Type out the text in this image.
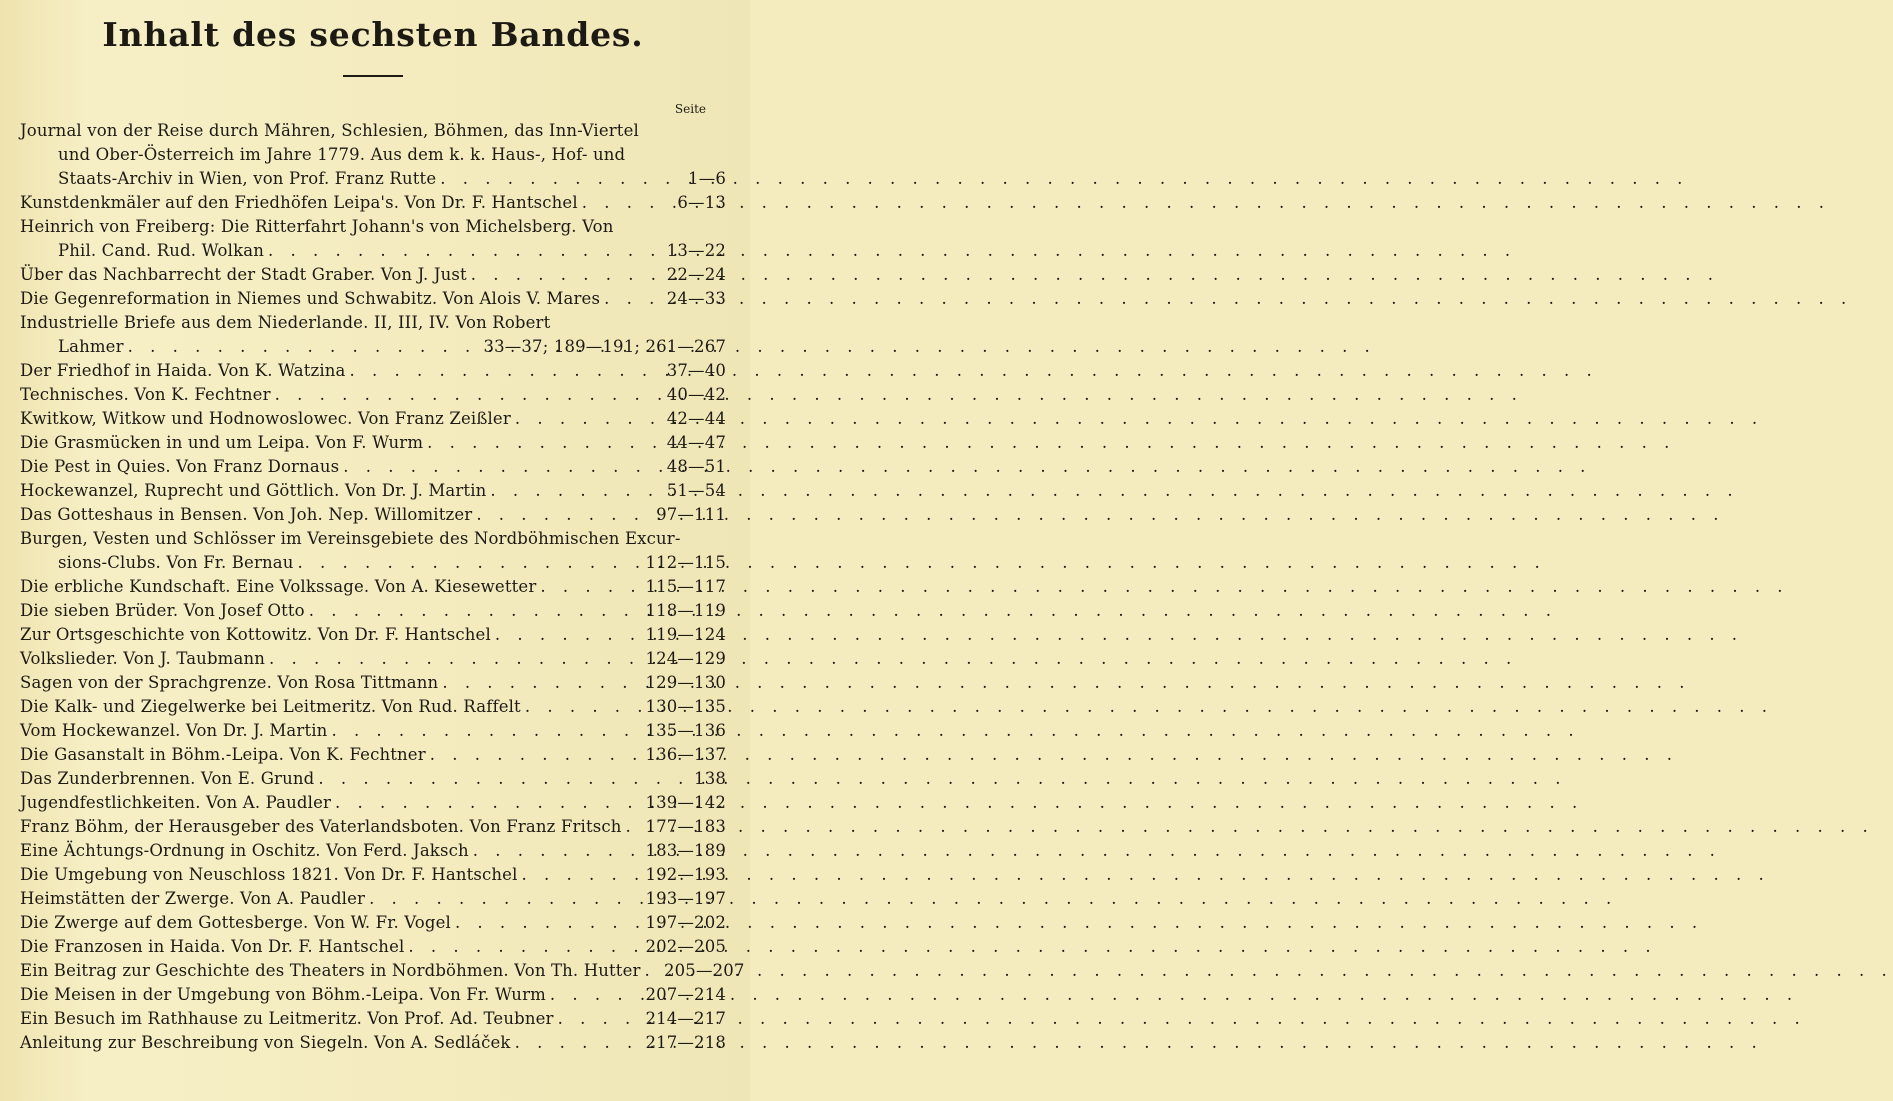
Inhalt des sechsten Bandes.
Seite
Journal von der Reise durch Mähren, Schlesien, Böhmen, das Inn-Viertel
und Ober-Österreich im Jahre 1779. Aus dem k. k. Haus-, Hof- und
Staats-Archiv in Wien, von Prof. Franz Rutte . . .	1—6
Kunstdenkmäler auf den Friedhöfen Leipa's. Von Dr. F. Hantschel . . .	6—13
Heinrich von Freiberg: Die Ritterfahrt Johann's von Michelsberg. Von
Phil. Cand. Rud. Wolkan . . .	13—22
Über das Nachbarrecht der Stadt Graber. Von J. Just . . .	22—24
Die Gegenreformation in Niemes und Schwabitz. Von Alois V. Mares . . .	24—33
Industrielle Briefe aus dem Niederlande. II, III, IV. Von Robert
Lahmer . . .	33—37; 189—191; 261—267
Der Friedhof in Haida. Von K. Watzina . . .	37—40
Technisches. Von K. Fechtner . . .	40—42
Kwitkow, Witkow und Hodnowoslowec. Von Franz Zeißler . . .	42—44
Die Grasmücken in und um Leipa. Von F. Wurm . . .	44—47
Die Pest in Quies. Von Franz Dornaus . . .	48—51
Hockewanzel, Ruprecht und Göttlich. Von Dr. J. Martin . . .	51—54
Das Gotteshaus in Bensen. Von Joh. Nep. Willomitzer . . .	97—111
Burgen, Vesten und Schlösser im Vereinsgebiete des Nordböhmischen Excur-
sions-Clubs. Von Fr. Bernau . . .	112—115
Die erbliche Kundschaft. Eine Volkssage. Von A. Kiesewetter . . .	115—117
Die sieben Brüder. Von Josef Otto . . .	118—119
Zur Ortsgeschichte von Kottowitz. Von Dr. F. Hantschel . . .	119—124
Volkslieder. Von J. Taubmann . . .	124—129
Sagen von der Sprachgrenze. Von Rosa Tittmann . . .	129—130
Die Kalk- und Ziegelwerke bei Leitmeritz. Von Rud. Raffelt . . .	130—135
Vom Hockewanzel. Von Dr. J. Martin . . .	135—136
Die Gasanstalt in Böhm.-Leipa. Von K. Fechtner . . .	136—137
Das Zunderbrennen. Von E. Grund . . .	138
Jugendfestlichkeiten. Von A. Paudler . . .	139—142
Franz Böhm, der Herausgeber des Vaterlandsboten. Von Franz Fritsch . . .	177—183
Eine Ächtungs-Ordnung in Oschitz. Von Ferd. Jaksch . . .	183—189
Die Umgebung von Neuschloss 1821. Von Dr. F. Hantschel . . .	192—193
Heimstätten der Zwerge. Von A. Paudler . . .	193—197
Die Zwerge auf dem Gottesberge. Von W. Fr. Vogel . . .	197—202
Die Franzosen in Haida. Von Dr. F. Hantschel . . .	202—205
Ein Beitrag zur Geschichte des Theaters in Nordböhmen. Von Th. Hutter . . .	205—207
Die Meisen in der Umgebung von Böhm.-Leipa. Von Fr. Wurm . . .	207—214
Ein Besuch im Rathhause zu Leitmeritz. Von Prof. Ad. Teubner . . .	214—217
Anleitung zur Beschreibung von Siegeln. Von A. Sedláček . . .	217—218
